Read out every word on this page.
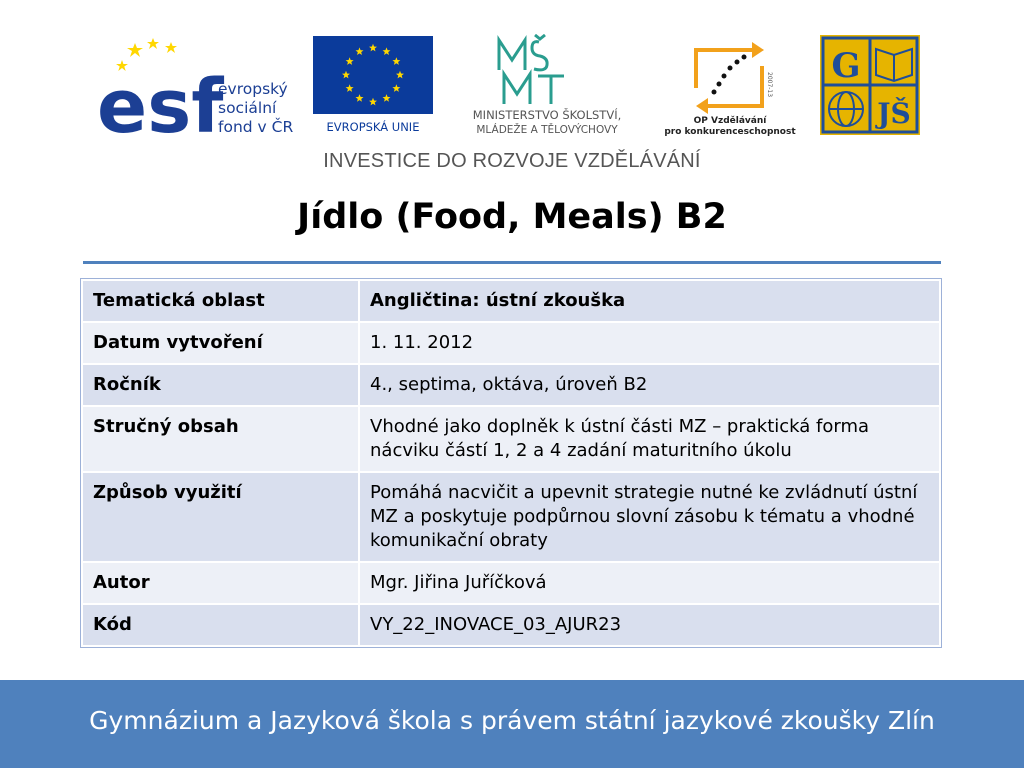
esf
evropský
sociální
fond v ČR	EVROPSKÁ UNIE
MINISTERSTVO ŠKOLSTVÍ,
MLÁDEŽE A TĚLOVÝCHOVY
2007-13
OP Vzdělávání
pro konkurenceschopnost
G
JŠ
INVESTICE DO ROZVOJE VZDĚLÁVÁNÍ
Jídlo (Food, Meals) B2
Tematická oblast	Angličtina: ústní zkouška
Datum vytvoření	1. 11. 2012
Ročník	4., septima, oktáva, úroveň B2
Stručný obsah	Vhodné jako doplněk k ústní části MZ – praktická forma nácviku částí 1, 2 a 4 zadání maturitního úkolu
Způsob využití	Pomáhá nacvičit a upevnit strategie nutné ke zvládnutí ústní MZ a poskytuje podpůrnou slovní zásobu k tématu a vhodné komunikační obraty
Autor	Mgr. Jiřina Juříčková
Kód	VY_22_INOVACE_03_AJUR23
Gymnázium a Jazyková škola s právem státní jazykové zkoušky Zlín
